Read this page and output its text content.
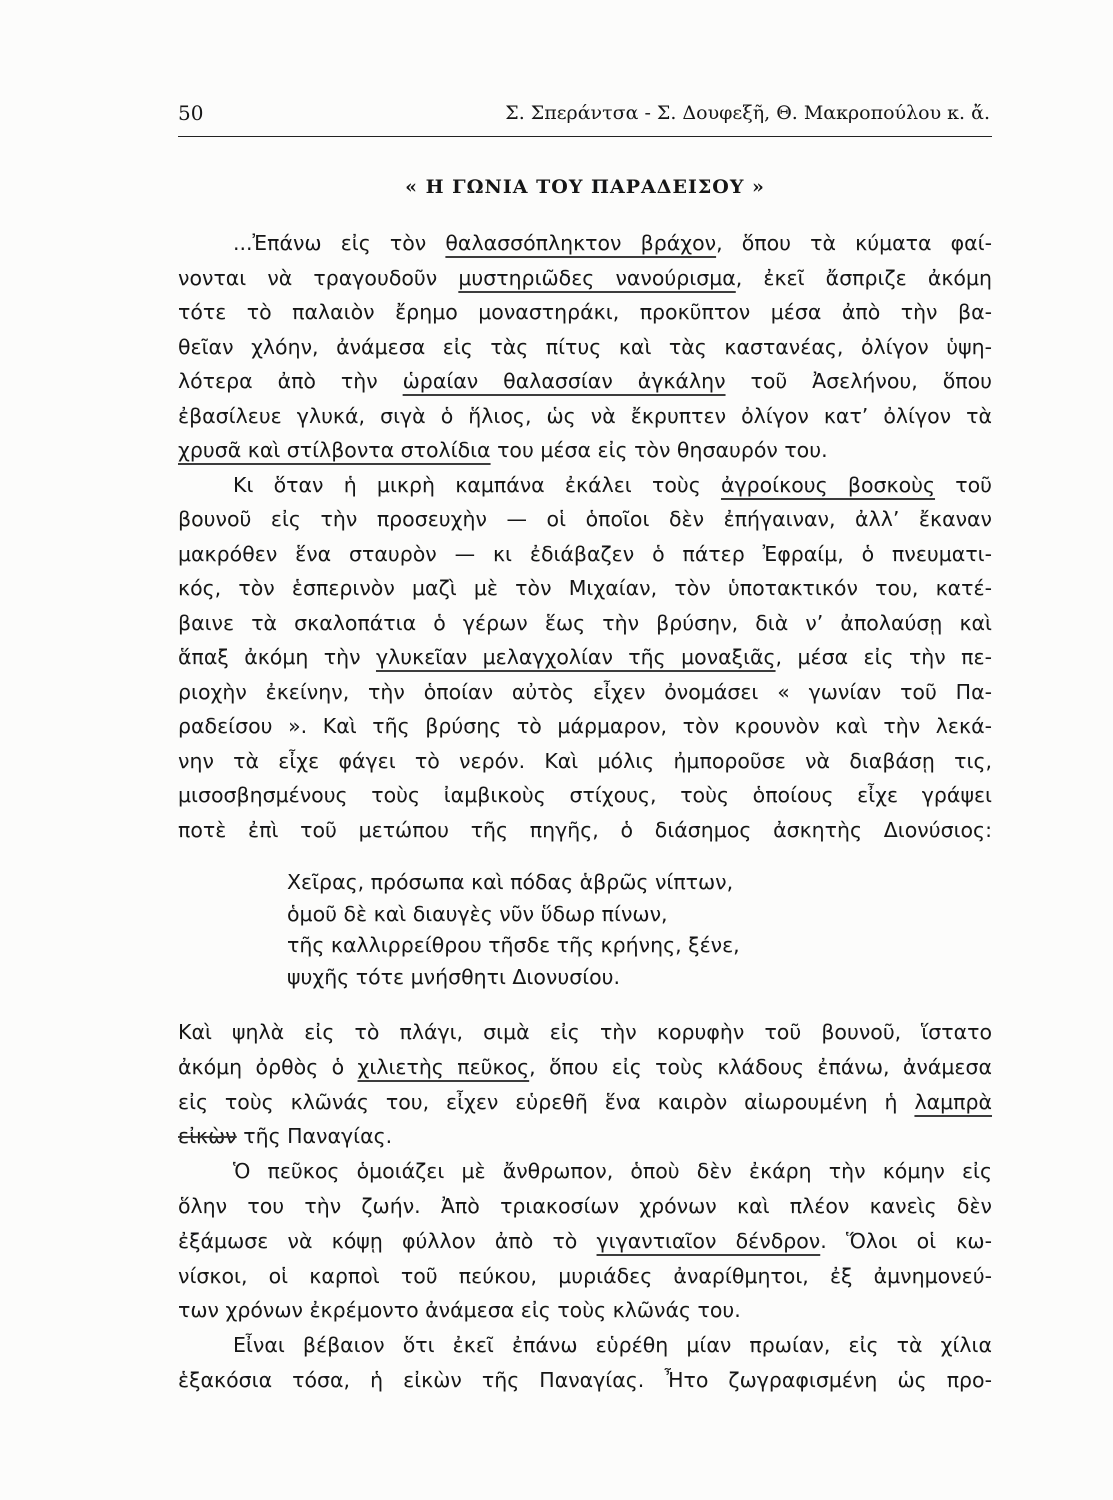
50	Σ. Σπεράντσα - Σ. Δουφεξῆ, Θ. Μακροπούλου κ. ἄ.
« Η ΓΩΝΙΑ ΤΟΥ ΠΑΡΑΔΕΙΣΟΥ »
...Ἐπάνω εἰς τὸν θαλασσόπληκτον βράχον, ὅπου τὰ κύματα φαί-
νονται νὰ τραγουδοῦν μυστηριῶδες νανούρισμα, ἐκεῖ ἄσπριζε ἀκόμη
τότε τὸ παλαιὸν ἔρημο μοναστηράκι, προκῦπτον μέσα ἀπὸ τὴν βα-
θεῖαν χλόην, ἀνάμεσα εἰς τὰς πίτυς καὶ τὰς καστανέας, ὀλίγον ὑψη-
λότερα ἀπὸ τὴν ὡραίαν θαλασσίαν ἀγκάλην τοῦ Ἀσελήνου, ὅπου
ἐβασίλευε γλυκά, σιγὰ ὁ ἥλιος, ὡς νὰ ἔκρυπτεν ὀλίγον κατ’ ὀλίγον τὰ
χρυσᾶ καὶ στίλβοντα στολίδια του μέσα εἰς τὸν θησαυρόν του.
Κι ὅταν ἡ μικρὴ καμπάνα ἐκάλει τοὺς ἀγροίκους βοσκοὺς τοῦ
βουνοῦ εἰς τὴν προσευχὴν — οἱ ὁποῖοι δὲν ἐπήγαιναν, ἀλλ’ ἔκαναν
μακρόθεν ἕνα σταυρὸν — κι ἐδιάβαζεν ὁ πάτερ Ἐφραίμ, ὁ πνευματι-
κός, τὸν ἑσπερινὸν μαζὶ μὲ τὸν Μιχαίαν, τὸν ὑποτακτικόν του, κατέ-
βαινε τὰ σκαλοπάτια ὁ γέρων ἕως τὴν βρύσην, διὰ ν’ ἀπολαύσῃ καὶ
ἅπαξ ἀκόμη τὴν γλυκεῖαν μελαγχολίαν τῆς μοναξιᾶς, μέσα εἰς τὴν πε-
ριοχὴν ἐκείνην, τὴν ὁποίαν αὐτὸς εἶχεν ὀνομάσει « γωνίαν τοῦ Πα-
ραδείσου ». Καὶ τῆς βρύσης τὸ μάρμαρον, τὸν κρουνὸν καὶ τὴν λεκά-
νην τὰ εἶχε φάγει τὸ νερόν. Καὶ μόλις ἠμποροῦσε νὰ διαβάσῃ τις,
μισοσβησμένους τοὺς ἰαμβικοὺς στίχους, τοὺς ὁποίους εἶχε γράψει
ποτὲ ἐπὶ τοῦ μετώπου τῆς πηγῆς, ὁ διάσημος ἀσκητὴς Διονύσιος:
Χεῖρας, πρόσωπα καὶ πόδας ἁβρῶς νίπτων,
ὁμοῦ δὲ καὶ διαυγὲς νῦν ὕδωρ πίνων,
τῆς καλλιρρείθρου τῆσδε τῆς κρήνης, ξένε,
ψυχῆς τότε μνήσθητι Διονυσίου.
Καὶ ψηλὰ εἰς τὸ πλάγι, σιμὰ εἰς τὴν κορυφὴν τοῦ βουνοῦ, ἵστατο
ἀκόμη ὀρθὸς ὁ χιλιετὴς πεῦκος, ὅπου εἰς τοὺς κλάδους ἐπάνω, ἀνάμεσα
εἰς τοὺς κλῶνάς του, εἶχεν εὑρεθῆ ἕνα καιρὸν αἰωρουμένη ἡ λαμπρὰ
εἰκὼν τῆς Παναγίας.
Ὁ πεῦκος ὁμοιάζει μὲ ἄνθρωπον, ὁποὺ δὲν ἐκάρη τὴν κόμην εἰς
ὅλην του τὴν ζωήν. Ἀπὸ τριακοσίων χρόνων καὶ πλέον κανεὶς δὲν
ἐξάμωσε νὰ κόψῃ φύλλον ἀπὸ τὸ γιγαντιαῖον δένδρον. Ὅλοι οἱ κω-
νίσκοι, οἱ καρποὶ τοῦ πεύκου, μυριάδες ἀναρίθμητοι, ἐξ ἀμνημονεύ-
των χρόνων ἐκρέμοντο ἀνάμεσα εἰς τοὺς κλῶνάς του.
Εἶναι βέβαιον ὅτι ἐκεῖ ἐπάνω εὑρέθη μίαν πρωίαν, εἰς τὰ χίλια
ἑξακόσια τόσα, ἡ εἰκὼν τῆς Παναγίας. Ἦτο ζωγραφισμένη ὡς προ-
